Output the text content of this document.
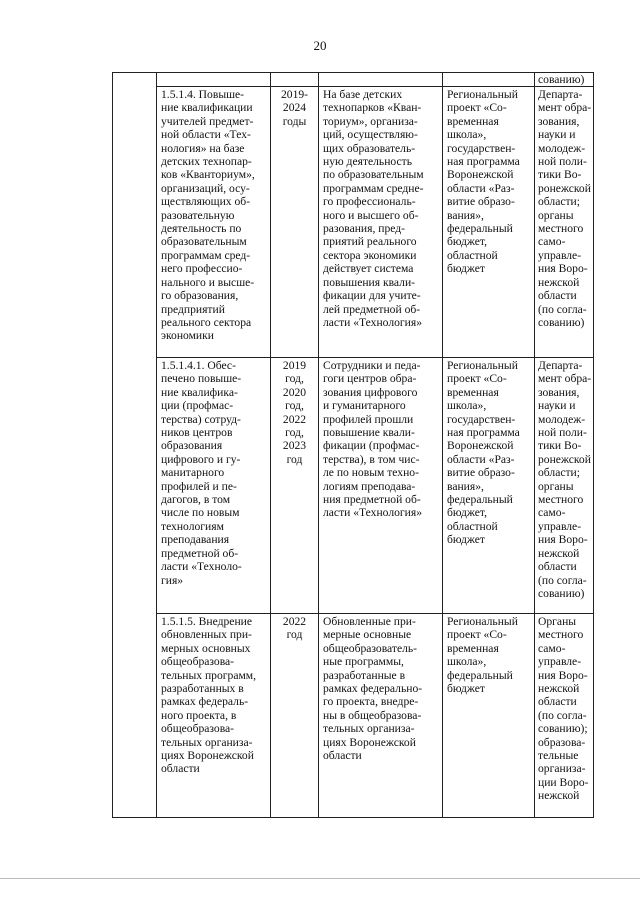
20
сованию)
1.5.1.4. Повыше-
ние квалификации
учителей предмет-
ной области «Тех-
нология» на базе
детских технопар-
ков «Кванториум»,
организаций, осу-
ществляющих об-
разовательную
деятельность по
образовательным
программам сред-
него профессио-
нального и высше-
го образования,
предприятий
реального сектора
экономики
2019-
2024
годы
На базе детских
технопарков «Кван-
ториум», организа-
ций, осуществляю-
щих образователь-
ную деятельность
по образовательным
программам средне-
го профессиональ-
ного и высшего об-
разования, пред-
приятий реального
сектора экономики
действует система
повышения квали-
фикации для учите-
лей предметной об-
ласти «Технология»
Региональный
проект «Со-
временная
школа»,
государствен-
ная программа
Воронежской
области «Раз-
витие образо-
вания»,
федеральный
бюджет,
областной
бюджет
Департа-
мент обра-
зования,
науки и
молодеж-
ной поли-
тики Во-
ронежской
области;
органы
местного
само-
управле-
ния Воро-
нежской
области
(по согла-
сованию)
1.5.1.4.1. Обес-
печено повыше-
ние квалифика-
ции (профмас-
терства) сотруд-
ников центров
образования
цифрового и гу-
манитарного
профилей и пе-
дагогов, в том
числе по новым
технологиям
преподавания
предметной об-
ласти «Техноло-
гия»
2019
год,
2020
год,
2022
год,
2023
год
Сотрудники и педа-
гоги центров обра-
зования цифрового
и гуманитарного
профилей прошли
повышение квали-
фикации (профмас-
терства), в том чис-
ле по новым техно-
логиям преподава-
ния предметной об-
ласти «Технология»
Региональный
проект «Со-
временная
школа»,
государствен-
ная программа
Воронежской
области «Раз-
витие образо-
вания»,
федеральный
бюджет,
областной
бюджет
Департа-
мент обра-
зования,
науки и
молодеж-
ной поли-
тики Во-
ронежской
области;
органы
местного
само-
управле-
ния Воро-
нежской
области
(по согла-
сованию)
1.5.1.5. Внедрение
обновленных при-
мерных основных
общеобразова-
тельных программ,
разработанных в
рамках федераль-
ного проекта, в
общеобразова-
тельных организа-
циях Воронежской
области
2022
год
Обновленные при-
мерные основные
общеобразователь-
ные программы,
разработанные в
рамках федерально-
го проекта, внедре-
ны в общеобразова-
тельных организа-
циях Воронежской
области
Региональный
проект «Со-
временная
школа»,
федеральный
бюджет
Органы
местного
само-
управле-
ния Воро-
нежской
области
(по согла-
сованию);
образова-
тельные
организа-
ции Воро-
нежской
